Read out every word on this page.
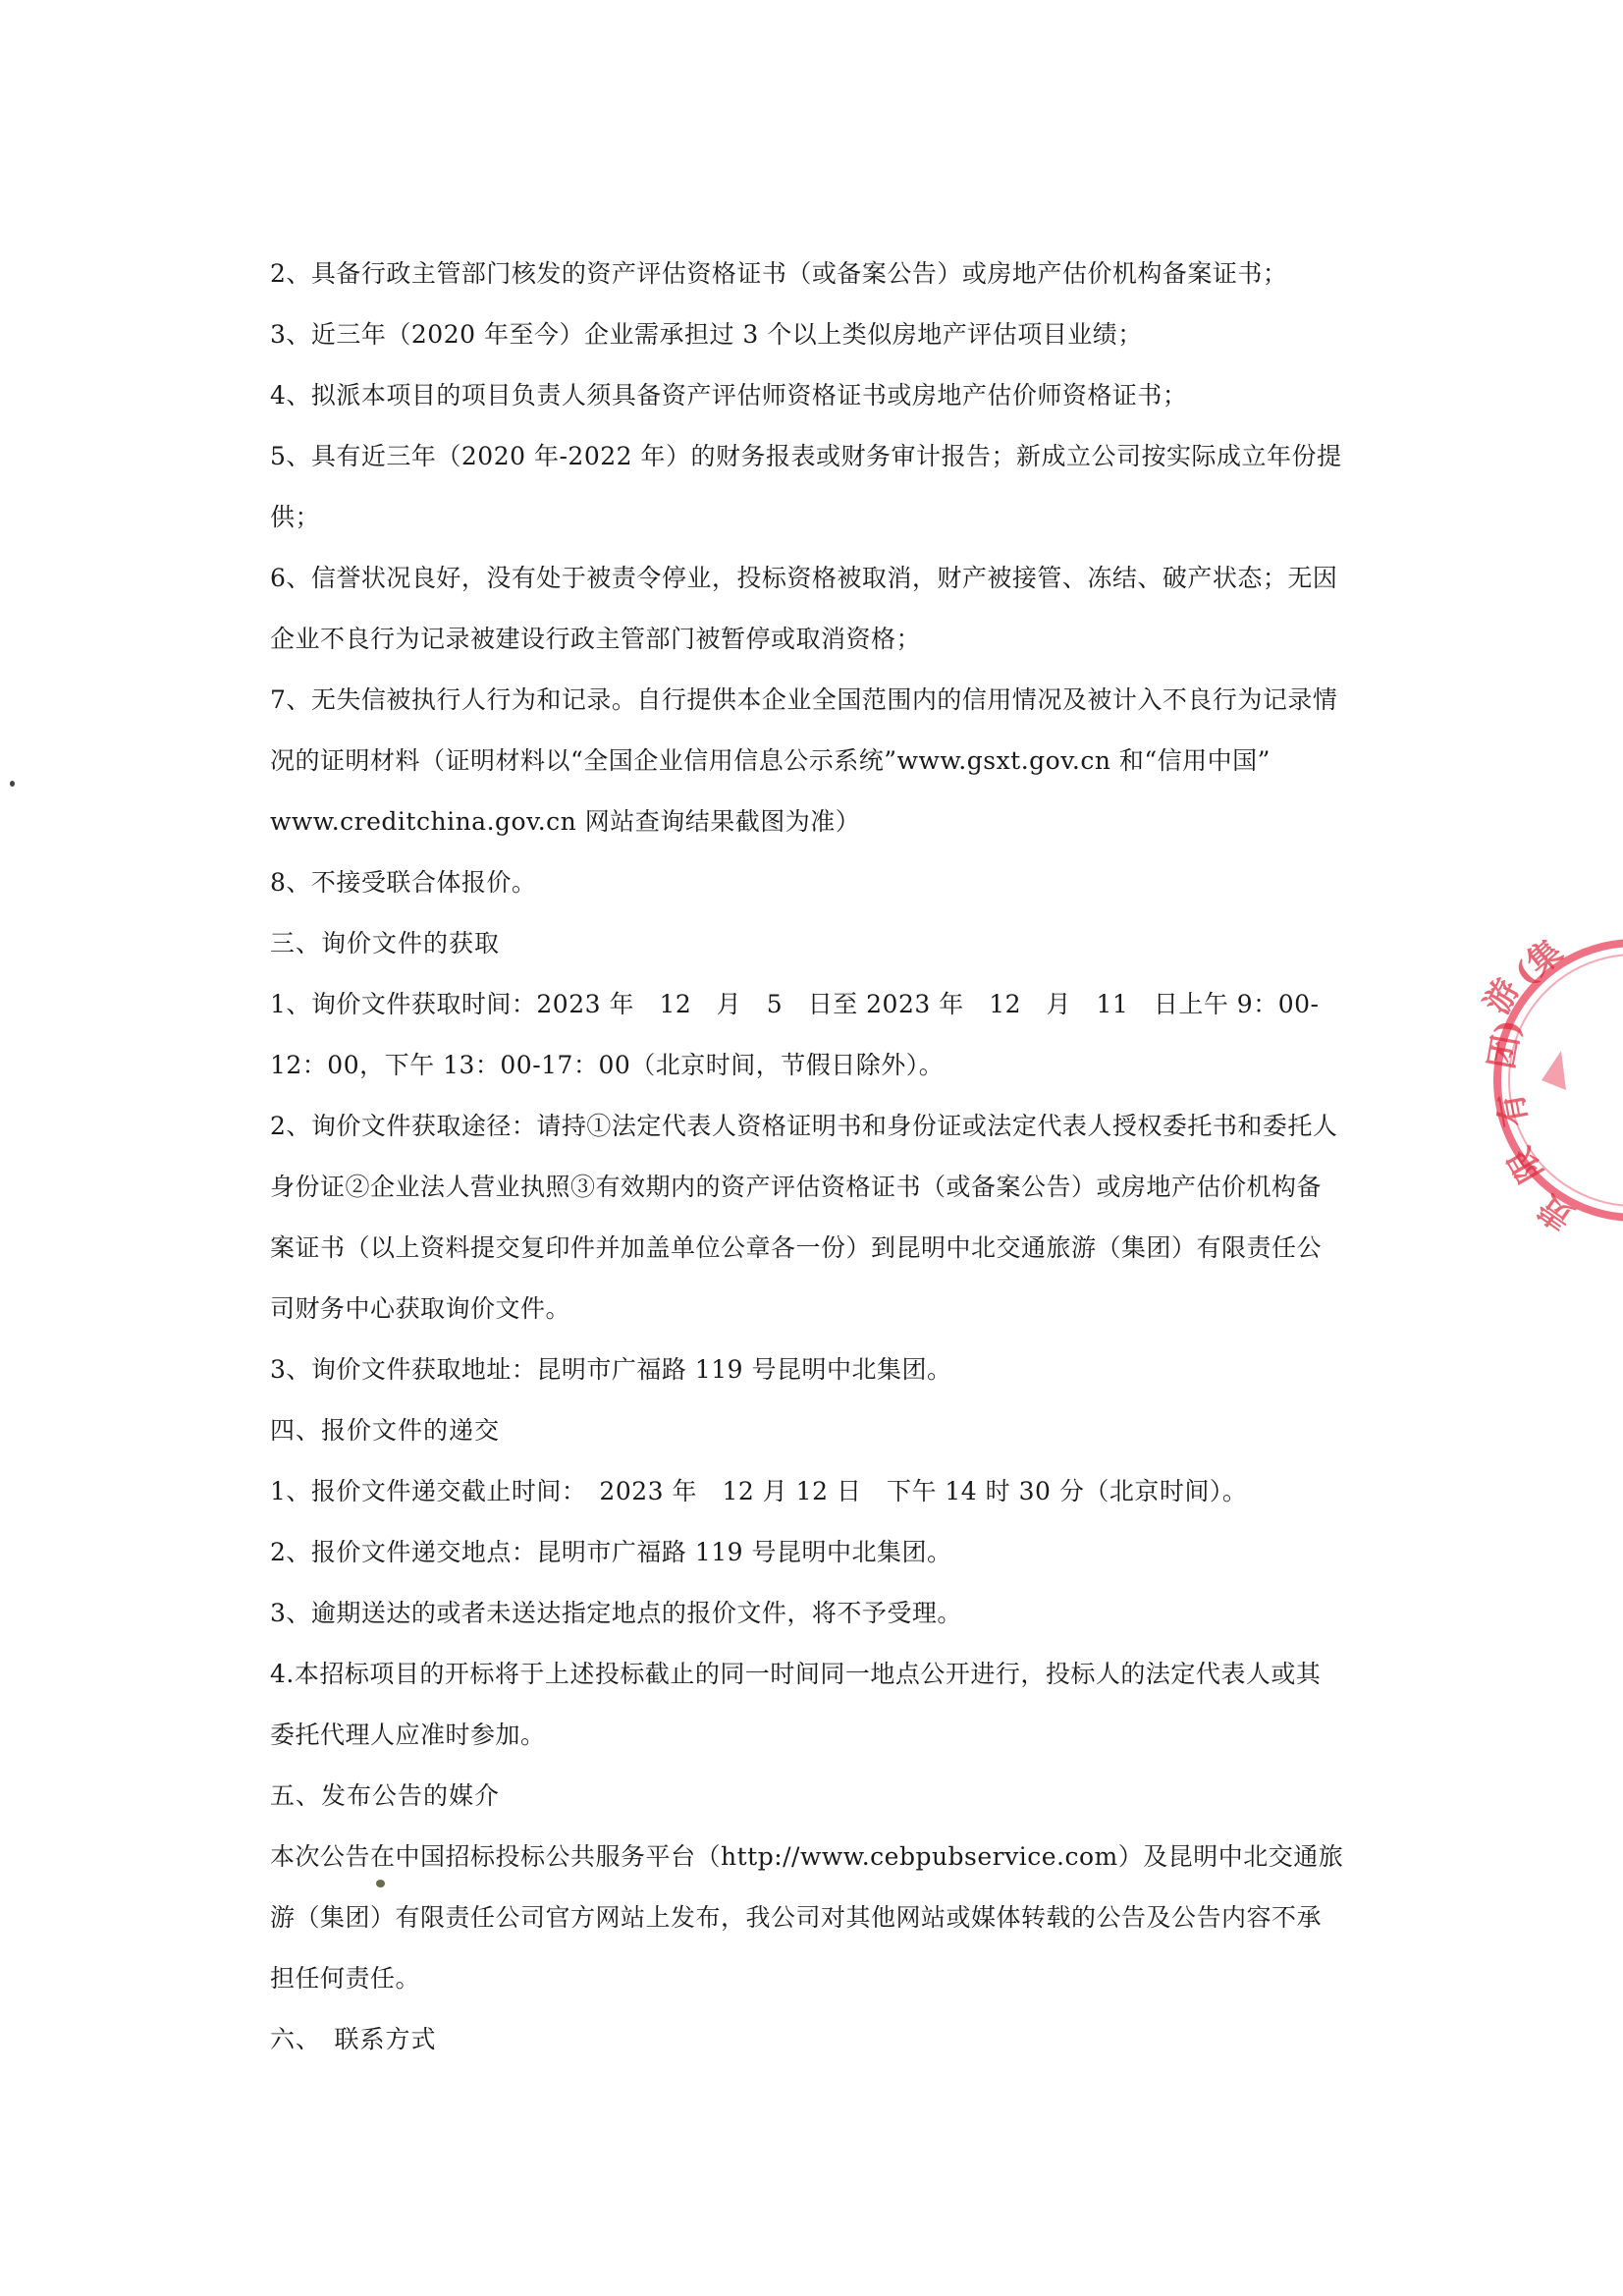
2、具备行政主管部门核发的资产评估资格证书（或备案公告）或房地产估价机构备案证书；

3、近三年（2020 年至今）企业需承担过 3 个以上类似房地产评估项目业绩；

4、拟派本项目的项目负责人须具备资产评估师资格证书或房地产估价师资格证书；

5、具有近三年（2020 年-2022 年）的财务报表或财务审计报告；新成立公司按实际成立年份提供；

6、信誉状况良好，没有处于被责令停业，投标资格被取消，财产被接管、冻结、破产状态；无因企业不良行为记录被建设行政主管部门被暂停或取消资格；

7、无失信被执行人行为和记录。自行提供本企业全国范围内的信用情况及被计入不良行为记录情况的证明材料（证明材料以“全国企业信用信息公示系统”www.gsxt.gov.cn 和“信用中国” www.creditchina.gov.cn 网站查询结果截图为准）

8、不接受联合体报价。

三、询价文件的获取

1、询价文件获取时间：2023 年　12　月　5　日至 2023 年　12　月　11　日上午 9：00-12：00，下午 13：00-17：00（北京时间，节假日除外）。

2、询价文件获取途径：请持①法定代表人资格证明书和身份证或法定代表人授权委托书和委托人身份证②企业法人营业执照③有效期内的资产评估资格证书（或备案公告）或房地产估价机构备案证书（以上资料提交复印件并加盖单位公章各一份）到昆明中北交通旅游（集团）有限责任公司财务中心获取询价文件。

3、询价文件获取地址：昆明市广福路 119 号昆明中北集团。

四、报价文件的递交

1、报价文件递交截止时间：　2023 年　12 月 12 日　下午 14 时 30 分（北京时间）。

2、报价文件递交地点：昆明市广福路 119 号昆明中北集团。

3、逾期送达的或者未送达指定地点的报价文件，将不予受理。

4.本招标项目的开标将于上述投标截止的同一时间同一地点公开进行，投标人的法定代表人或其委托代理人应准时参加。

五、发布公告的媒介

本次公告在中国招标投标公共服务平台（http://www.cebpubservice.com）及昆明中北交通旅游（集团）有限责任公司官方网站上发布，我公司对其他网站或媒体转载的公告及公告内容不承担任何责任。

六、　联系方式

游
(集
团)
有
限
责
